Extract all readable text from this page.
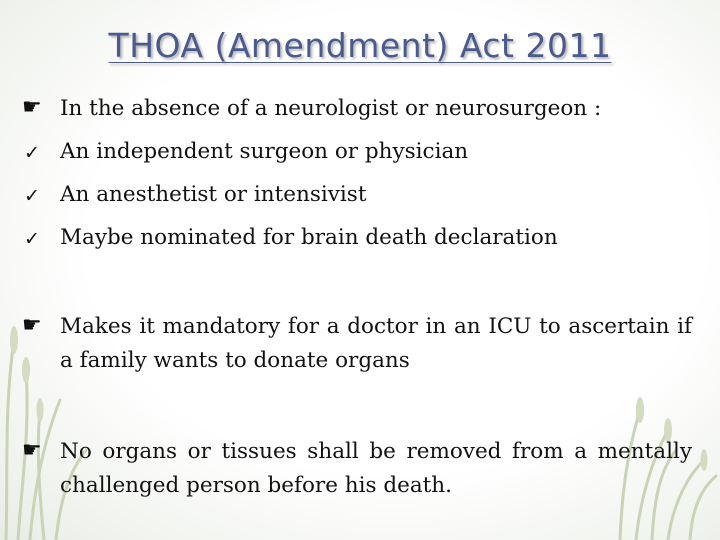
THOA (Amendment) Act 2011
☛ In the absence of a neurologist or neurosurgeon :
✓ An independent surgeon or physician
✓ An anesthetist or intensivist
✓ Maybe nominated for brain death declaration
☛ Makes it mandatory for a doctor in an ICU to ascertain if a family wants to donate organs
☛ No organs or tissues shall be removed from a mentally challenged person before his death.
